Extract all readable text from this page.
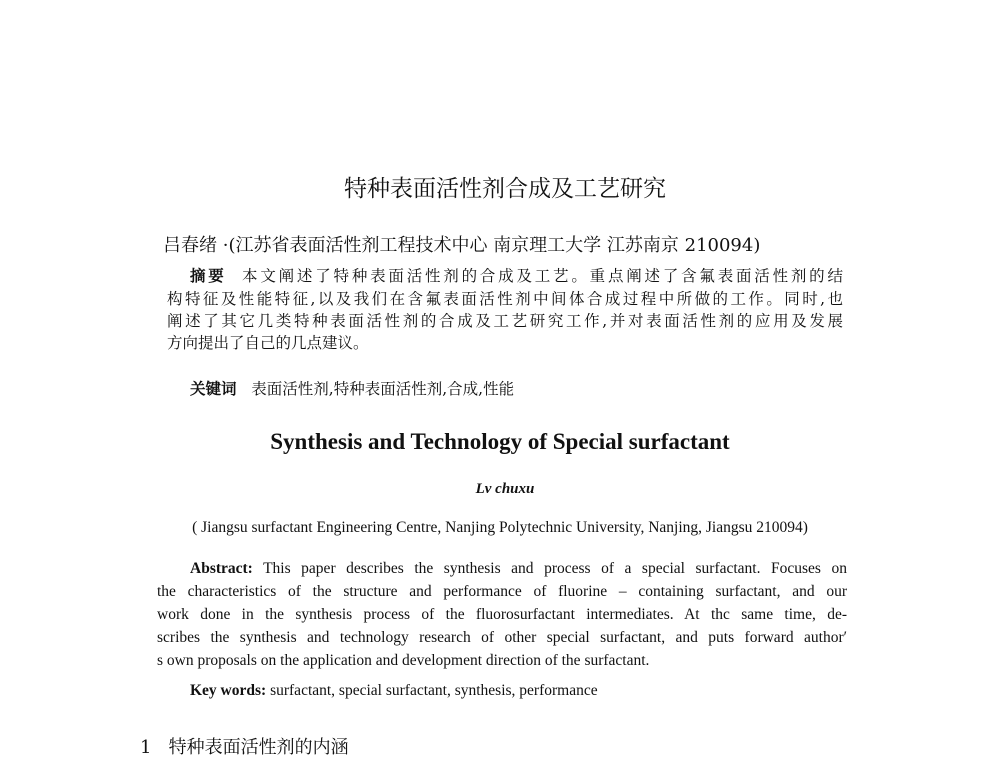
特种表面活性剂合成及工艺研究
吕春绪 ·(江苏省表面活性剂工程技术中心 南京理工大学 江苏南京 210094)
摘要 本文阐述了特种表面活性剂的合成及工艺。重点阐述了含氟表面活性剂的结
构特征及性能特征,以及我们在含氟表面活性剂中间体合成过程中所做的工作。同时,也
阐述了其它几类特种表面活性剂的合成及工艺研究工作,并对表面活性剂的应用及发展
方向提出了自己的几点建议。
关键词 表面活性剂,特种表面活性剂,合成,性能
Synthesis and Technology of Special surfactant
Lv chuxu
( Jiangsu surfactant Engineering Centre, Nanjing Polytechnic University, Nanjing, Jiangsu 210094)
Abstract: This paper describes the synthesis and process of a special surfactant. Focuses on
the characteristics of the structure and performance of fluorine – containing surfactant, and our
work done in the synthesis process of the fluorosurfactant intermediates. At thc same time, de-
scribes the synthesis and technology research of other special surfactant, and puts forward author′
s own proposals on the application and development direction of the surfactant.
Key words: surfactant, special surfactant, synthesis, performance
1 特种表面活性剂的内涵
